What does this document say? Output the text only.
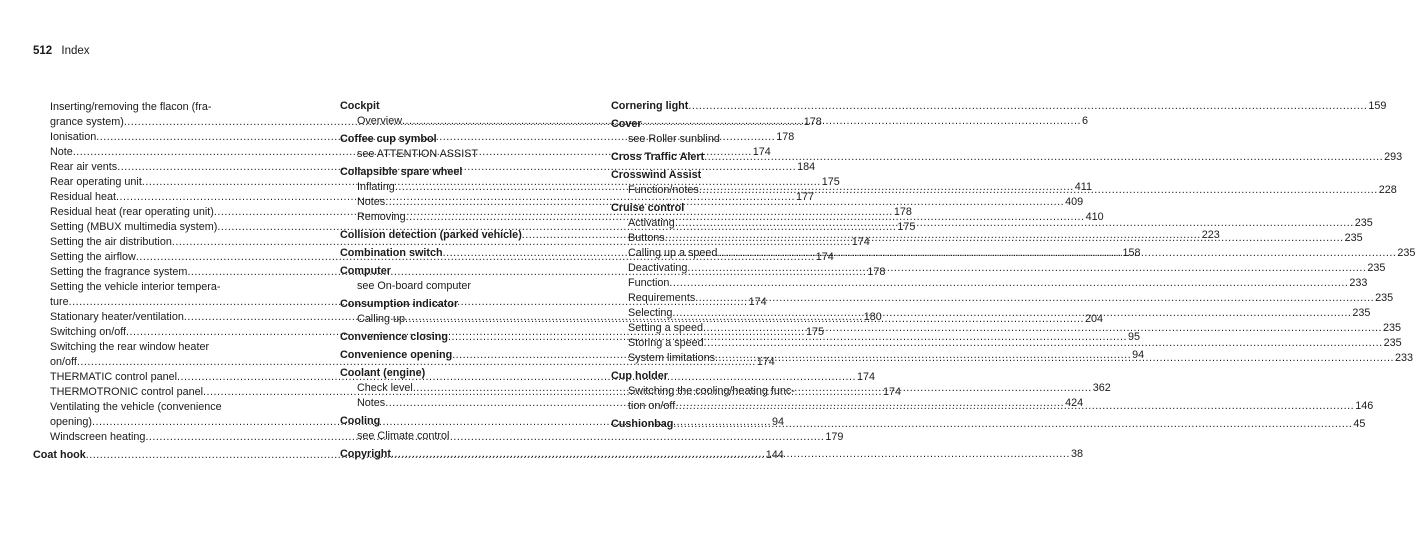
512 Index
Inserting/removing the flacon (fra-
grance system) .....	178
Ionisation .....	178
Note .....	174
Rear air vents .....	184
Rear operating unit .....	175
Residual heat .....	177
Residual heat (rear operating unit) .....	178
Setting (MBUX multimedia system) .....	175
Setting the air distribution .....	174
Setting the airflow .....	174
Setting the fragrance system .....	178
Setting the vehicle interior tempera-
ture .....	174
Stationary heater/ventilation .....	180
Switching on/off .....	175
Switching the rear window heater
on/off .....	174
THERMATIC control panel .....	174
THERMOTRONIC control panel .....	174
Ventilating the vehicle (convenience
opening) .....	94
Windscreen heating .....	179
Coat hook .....	144
Cockpit
Overview .....	6
Coffee cup symbol
see ATTENTION ASSIST
Collapsible spare wheel
Inflating .....	411
Notes .....	409
Removing .....	410
Collision detection (parked vehicle) .....	223
Combination switch .....	158
Computer
see On-board computer
Consumption indicator
Calling up .....	204
Convenience closing .....	95
Convenience opening .....	94
Coolant (engine)
Check level .....	362
Notes .....	424
Cooling
see Climate control
Copyright .....	38
Cornering light .....	159
Cover
see Roller sunblind
Cross Traffic Alert .....	293
Crosswind Assist
Function/notes .....	228
Cruise control
Activating .....	235
Buttons .....	235
Calling up a speed .....	235
Deactivating .....	235
Function .....	233
Requirements .....	235
Selecting .....	235
Setting a speed .....	235
Storing a speed .....	235
System limitations .....	233
Cup holder
Switching the cooling/heating func-
tion on/off .....	146
Cushionbag .....	45
